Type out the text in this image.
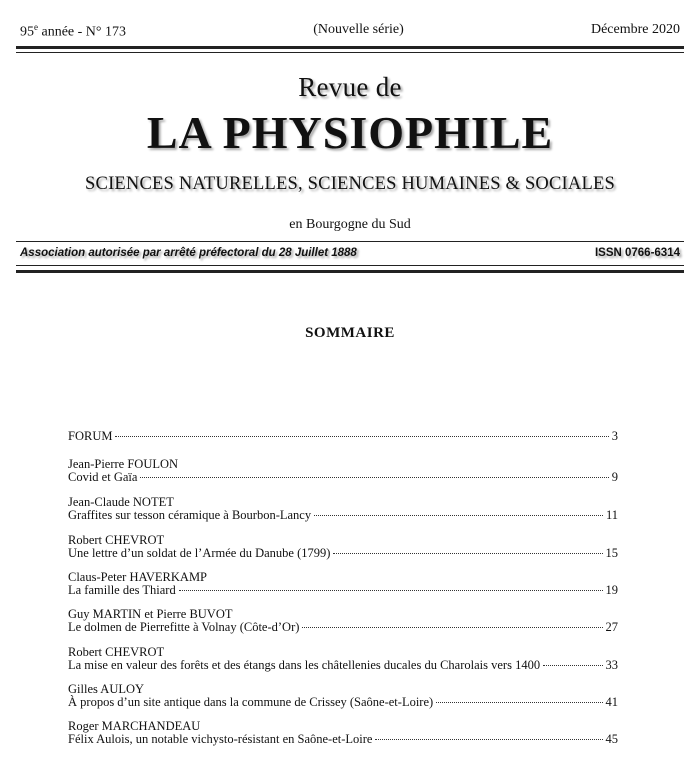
95e année - N° 173	(Nouvelle série)	Décembre 2020
Revue de
LA PHYSIOPHILE
SCIENCES NATURELLES, SCIENCES HUMAINES & SOCIALES
en Bourgogne du Sud
Association autorisée par arrêté préfectoral du 28 Juillet 1888	ISSN 0766-6314
SOMMAIRE
FORUM	3
Jean-Pierre FOULON
Covid et Gaïa	9
Jean-Claude NOTET
Graffites sur tesson céramique à Bourbon-Lancy	11
Robert CHEVROT
Une lettre d’un soldat de l’Armée du Danube (1799)	15
Claus-Peter HAVERKAMP
La famille des Thiard	19
Guy MARTIN et Pierre BUVOT
Le dolmen de Pierrefitte à Volnay (Côte-d’Or)	27
Robert CHEVROT
La mise en valeur des forêts et des étangs dans les châtellenies ducales du Charolais vers 1400	33
Gilles AULOY
À propos d’un site antique dans la commune de Crissey (Saône-et-Loire)	41
Roger MARCHANDEAU
Félix Aulois, un notable vichysto-résistant en Saône-et-Loire	45
